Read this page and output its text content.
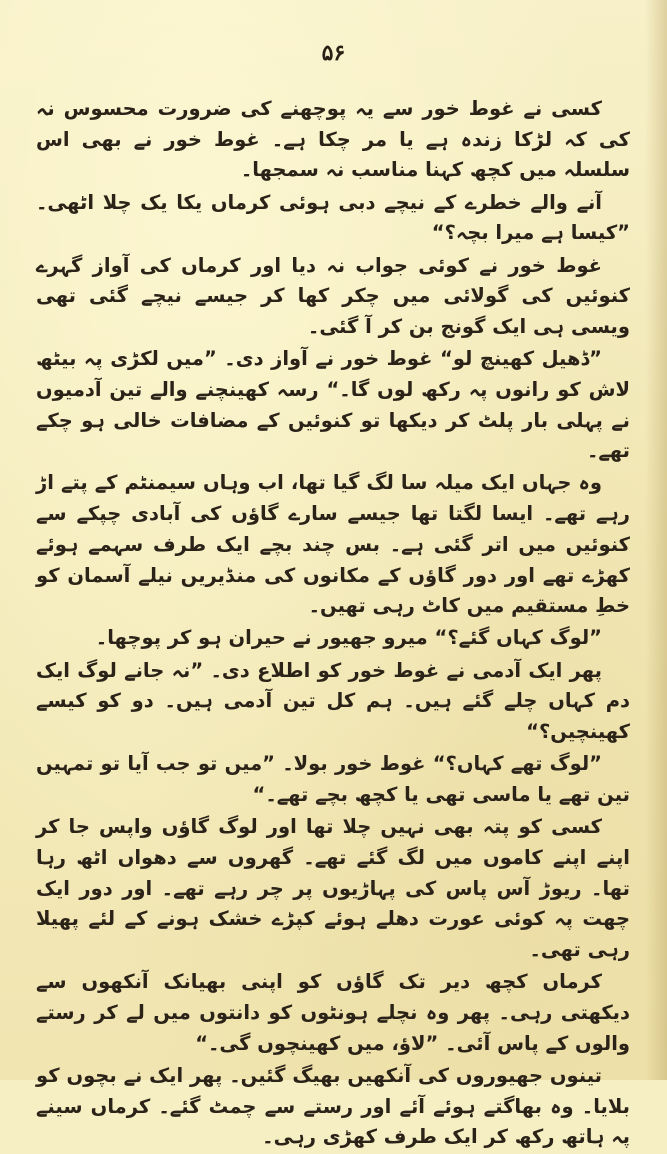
۵۶

کسی نے غوط خور سے یہ پوچھنے کی ضرورت محسوس نہ کی کہ لڑکا زندہ ہے یا مر چکا ہے۔ غوط خور نے بھی اس سلسلہ میں کچھ کہنا مناسب نہ سمجھا۔

آنے والے خطرے کے نیچے دبی ہوئی کرماں یکا یک چلا اٹھی۔ ”کیسا ہے میرا بچہ؟“

غوط خور نے کوئی جواب نہ دیا اور کرماں کی آواز گہرے کنوئیں کی گولائی میں چکر کھا کر جیسے نیچے گئی تھی ویسی ہی ایک گونج بن کر آ گئی۔

”ڈھیل کھینچ لو“ غوط خور نے آواز دی۔ ”میں لکڑی پہ بیٹھ لاش کو رانوں پہ رکھ لوں گا۔“ رسہ کھینچنے والے تین آدمیوں نے پہلی بار پلٹ کر دیکھا تو کنوئیں کے مضافات خالی ہو چکے تھے۔

وہ جہاں ایک میلہ سا لگ گیا تھا، اب وہاں سیمنٹم کے پتے اڑ رہے تھے۔ ایسا لگتا تھا جیسے سارے گاؤں کی آبادی چپکے سے کنوئیں میں اتر گئی ہے۔ بس چند بچے ایک طرف سہمے ہوئے کھڑے تھے اور دور گاؤں کے مکانوں کی منڈیریں نیلے آسمان کو خطِ مستقیم میں کاٹ رہی تھیں۔

”لوگ کہاں گئے؟“ میرو جھیور نے حیران ہو کر پوچھا۔

پھر ایک آدمی نے غوط خور کو اطلاع دی۔ ”نہ جانے لوگ ایک دم کہاں چلے گئے ہیں۔ ہم کل تین آدمی ہیں۔ دو کو کیسے کھینچیں؟“

”لوگ تھے کہاں؟“ غوط خور بولا۔ ”میں تو جب آیا تو تمہیں تین تھے یا ماسی تھی یا کچھ بچے تھے۔“

کسی کو پتہ بھی نہیں چلا تھا اور لوگ گاؤں واپس جا کر اپنے اپنے کاموں میں لگ گئے تھے۔ گھروں سے دھواں اٹھ رہا تھا۔ ریوڑ آس پاس کی پہاڑیوں پر چر رہے تھے۔ اور دور ایک چھت پہ کوئی عورت دھلے ہوئے کپڑے خشک ہونے کے لئے پھیلا رہی تھی۔

کرماں کچھ دیر تک گاؤں کو اپنی بھیانک آنکھوں سے دیکھتی رہی۔ پھر وہ نچلے ہونٹوں کو دانتوں میں لے کر رستے والوں کے پاس آئی۔ ”لاؤ، میں کھینچوں گی۔“

تینوں جھیوروں کی آنکھیں بھیگ گئیں۔ پھر ایک نے بچوں کو بلایا۔ وہ بھاگتے ہوئے آئے اور رستے سے چمٹ گئے۔ کرماں سینے پہ ہاتھ رکھ کر ایک طرف کھڑی رہی۔
